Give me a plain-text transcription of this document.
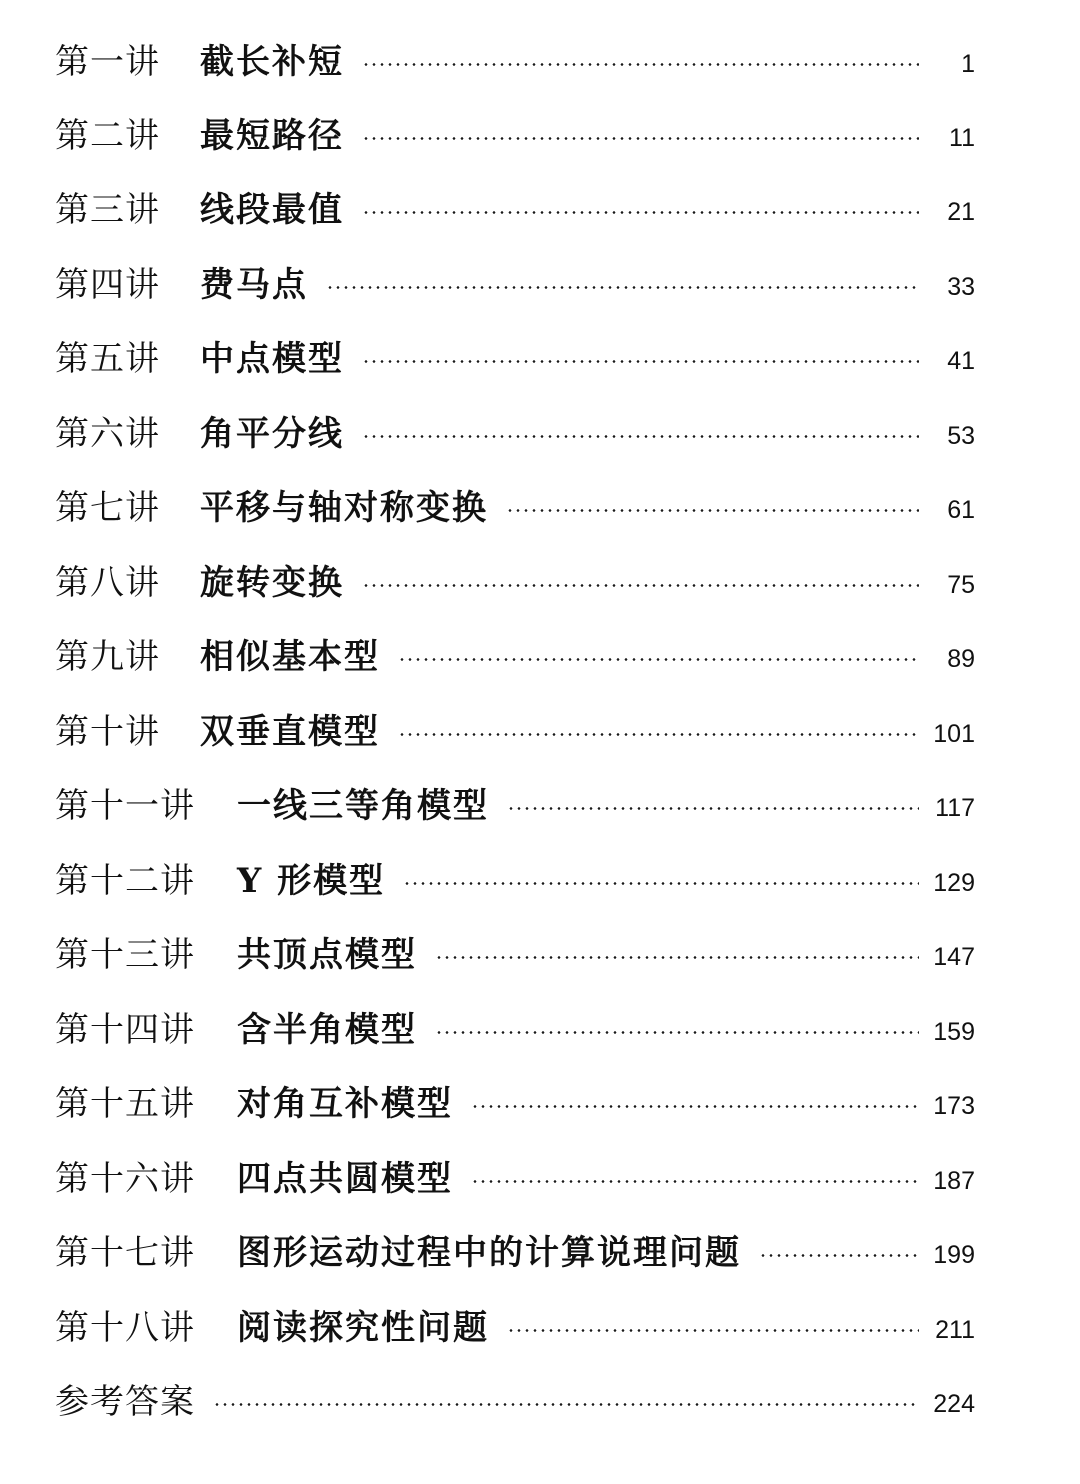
第一讲	截长补短	1
第二讲	最短路径	11
第三讲	线段最值	21
第四讲	费马点	33
第五讲	中点模型	41
第六讲	角平分线	53
第七讲	平移与轴对称变换	61
第八讲	旋转变换	75
第九讲	相似基本型	89
第十讲	双垂直模型	101
第十一讲	一线三等角模型	117
第十二讲	Y 形模型	129
第十三讲	共顶点模型	147
第十四讲	含半角模型	159
第十五讲	对角互补模型	173
第十六讲	四点共圆模型	187
第十七讲	图形运动过程中的计算说理问题	199
第十八讲	阅读探究性问题	211
参考答案	224
